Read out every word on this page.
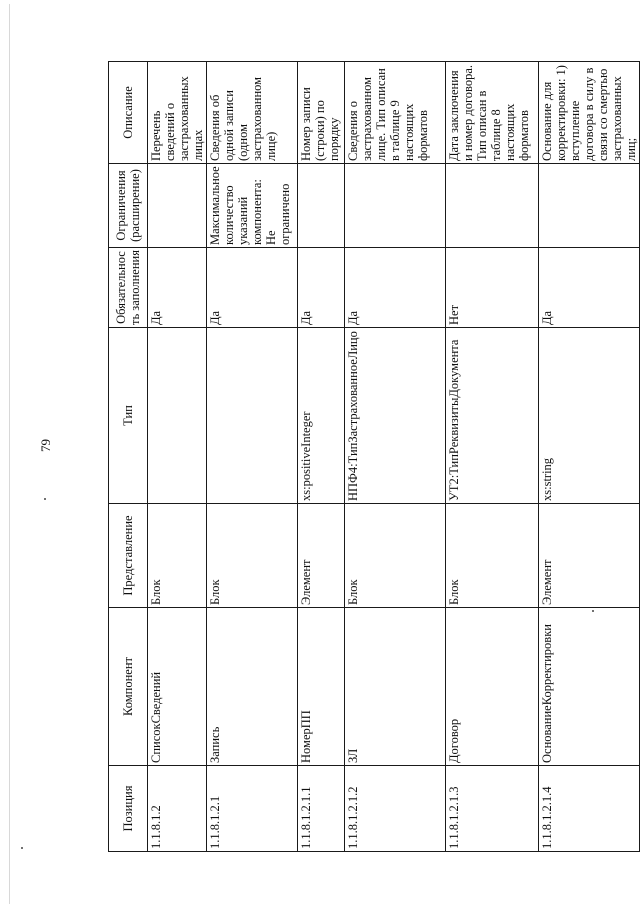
79
Позиция	Компонент	Представление	Тип	Обязательность заполнения	Ограничения (расширение)	Описание
1.1.8.1.2	СписокСведений	Блок		Да		Перечень сведений о застрахованных лицах
1.1.8.1.2.1	Запись	Блок		Да	Максимальное количество указаний компонента: Не ограничено	Сведения об одной записи (одном застрахованном лице)
1.1.8.1.2.1.1	НомерПП	Элемент	xs:positiveInteger	Да		Номер записи (строки) по порядку
1.1.8.1.2.1.2	ЗЛ	Блок	НПФ4:ТипЗастрахованноеЛицо	Да		Сведения о застрахованном лице. Тип описан в таблице 9 настоящих форматов
1.1.8.1.2.1.3	Договор	Блок	УТ2:ТипРеквизитыДокумента	Нет		Дата заключения и номер договора. Тип описан в таблице 8 настоящих форматов
1.1.8.1.2.1.4	ОснованиеКорректировки	Элемент	xs:string	Да		Основание для корректировки: 1) вступление договора в силу в связи со смертью застрахованных лиц;
